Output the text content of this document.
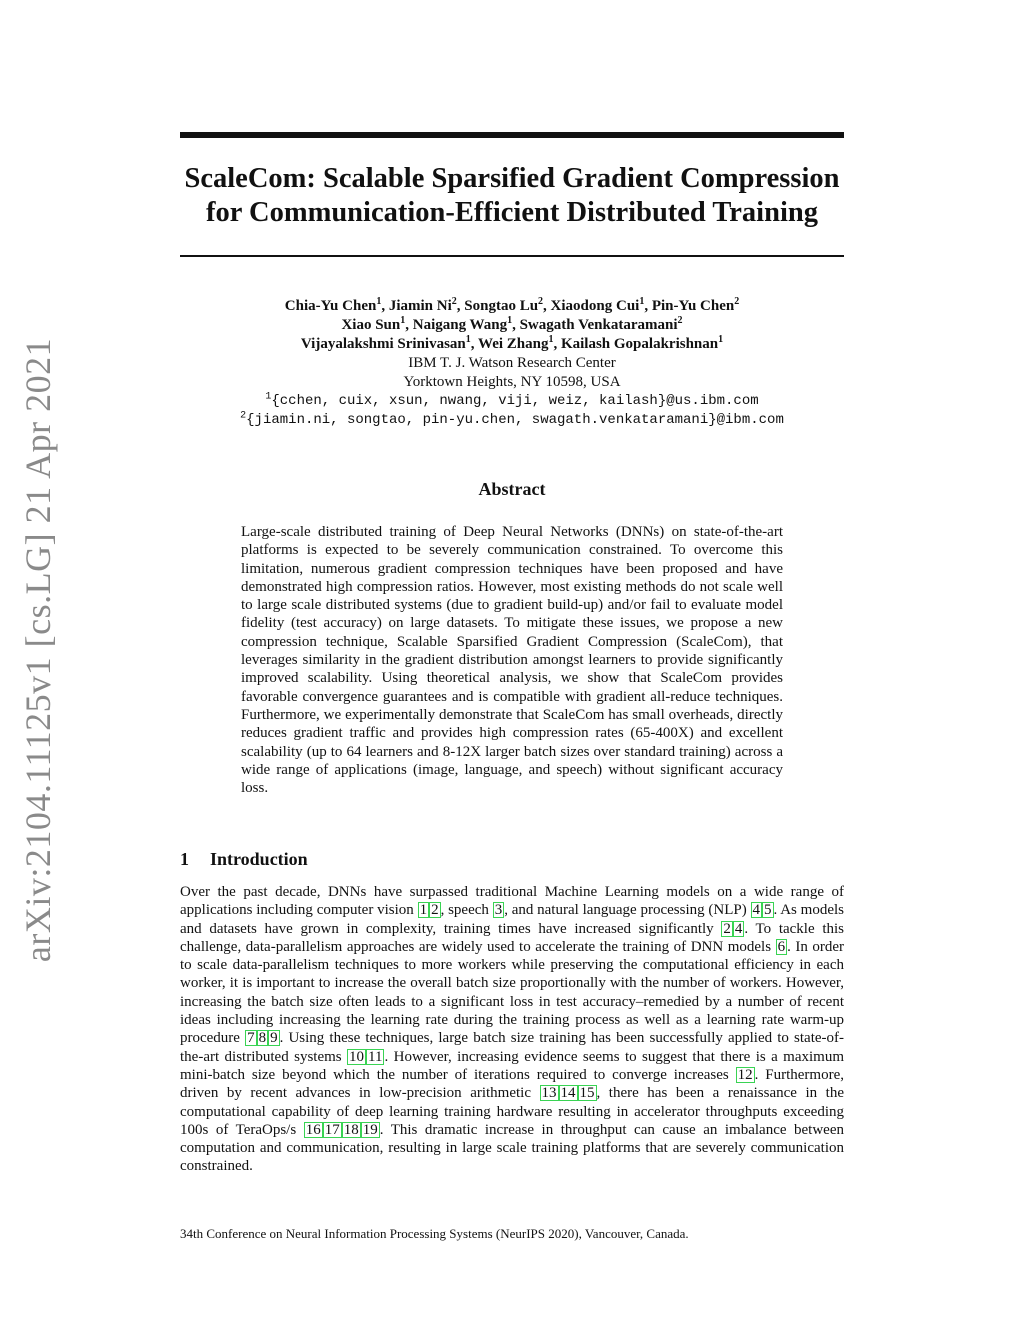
arXiv:2104.11125v1 [cs.LG] 21 Apr 2021
ScaleCom: Scalable Sparsified Gradient Compression
for Communication-Efficient Distributed Training
Chia-Yu Chen$^1$, Jiamin Ni$^2$, Songtao Lu$^2$, Xiaodong Cui$^1$, Pin-Yu Chen$^2$
Xiao Sun$^1$, Naigang Wang$^1$, Swagath Venkataramani$^2$
Vijayalakshmi Srinivasan$^1$, Wei Zhang$^1$, Kailash Gopalakrishnan$^1$
IBM T. J. Watson Research Center
Yorktown Heights, NY 10598, USA
$^1${cchen, cuix, xsun, nwang, viji, weiz, kailash}@us.ibm.com
$^2${jiamin.ni, songtao, pin-yu.chen, swagath.venkataramani}@ibm.com
Abstract

Large-scale distributed training of Deep Neural Networks (DNNs) on state-of-the-art platforms is expected to be severely communication constrained. To overcome this limitation, numerous gradient compression techniques have been proposed and have demonstrated high compression ratios. However, most existing methods do not scale well to large scale distributed systems (due to gradient build-up) and/or fail to evaluate model fidelity (test accuracy) on large datasets. To mitigate these issues, we propose a new compression technique, Scalable Sparsified Gradient Compression (ScaleCom), that leverages similarity in the gradient distribution amongst learners to provide significantly improved scalability. Using theoretical analysis, we show that ScaleCom provides favorable convergence guarantees and is compatible with gradient all-reduce techniques. Furthermore, we experimentally demonstrate that ScaleCom has small overheads, directly reduces gradient traffic and provides high compression rates (65-400X) and excellent scalability (up to 64 learners and 8-12X larger batch sizes over standard training) across a wide range of applications (image, language, and speech) without significant accuracy loss.

1 Introduction

Over the past decade, DNNs have surpassed traditional Machine Learning models on a wide range of applications including computer vision 1 2 , speech 3 , and natural language processing (NLP) 4 5 . As models and datasets have grown in complexity, training times have increased significantly 2 4 . To tackle this challenge, data-parallelism approaches are widely used to accelerate the training of DNN models 6 . In order to scale data-parallelism techniques to more workers while preserving the computational efficiency in each worker, it is important to increase the overall batch size proportionally with the number of workers. However, increasing the batch size often leads to a significant loss in test accuracy–remedied by a number of recent ideas including increasing the learning rate during the training process as well as a learning rate warm-up procedure 7 8 9 . Using these techniques, large batch size training has been successfully applied to state-of-the-art distributed systems 10 11 . However, increasing evidence seems to suggest that there is a maximum mini-batch size beyond which the number of iterations required to converge increases 12 . Furthermore, driven by recent advances in low-precision arithmetic 13 14 15 , there has been a renaissance in the computational capability of deep learning training hardware resulting in accelerator throughputs exceeding 100s of TeraOps/s 16 17 18 19 . This dramatic increase in throughput can cause an imbalance between computation and communication, resulting in large scale training platforms that are severely communication constrained.

34th Conference on Neural Information Processing Systems (NeurIPS 2020), Vancouver, Canada.
